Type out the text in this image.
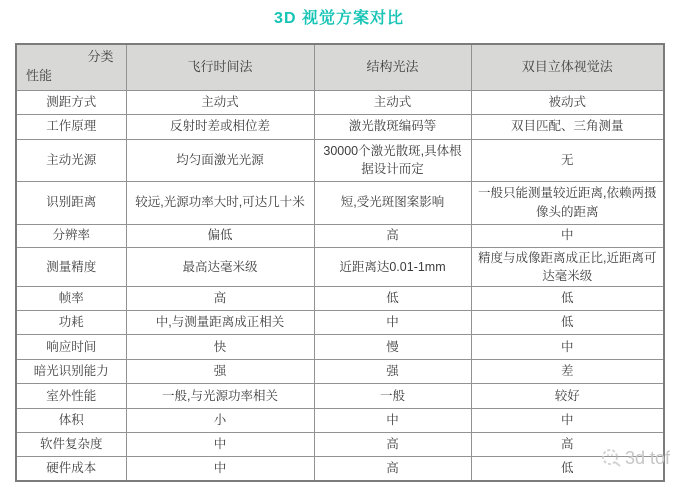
3D 视觉方案对比
分类
性能	飞行时间法	结构光法	双目立体视觉法
测距方式	主动式	主动式	被动式
工作原理	反射时差或相位差	激光散斑编码等	双目匹配、三角测量
主动光源	均匀面激光光源	30000个激光散斑,具体根据设计而定	无
识别距离	较远,光源功率大时,可达几十米	短,受光斑图案影响	一般只能测量较近距离,依赖两摄像头的距离
分辨率	偏低	高	中
测量精度	最高达毫米级	近距离达0.01-1mm	精度与成像距离成正比,近距离可达毫米级
帧率	高	低	低
功耗	中,与测量距离成正相关	中	低
响应时间	快	慢	中
暗光识别能力	强	强	差
室外性能	一般,与光源功率相关	一般	较好
体积	小	中	中
软件复杂度	中	高	高
硬件成本	中	高	低
3d tof
